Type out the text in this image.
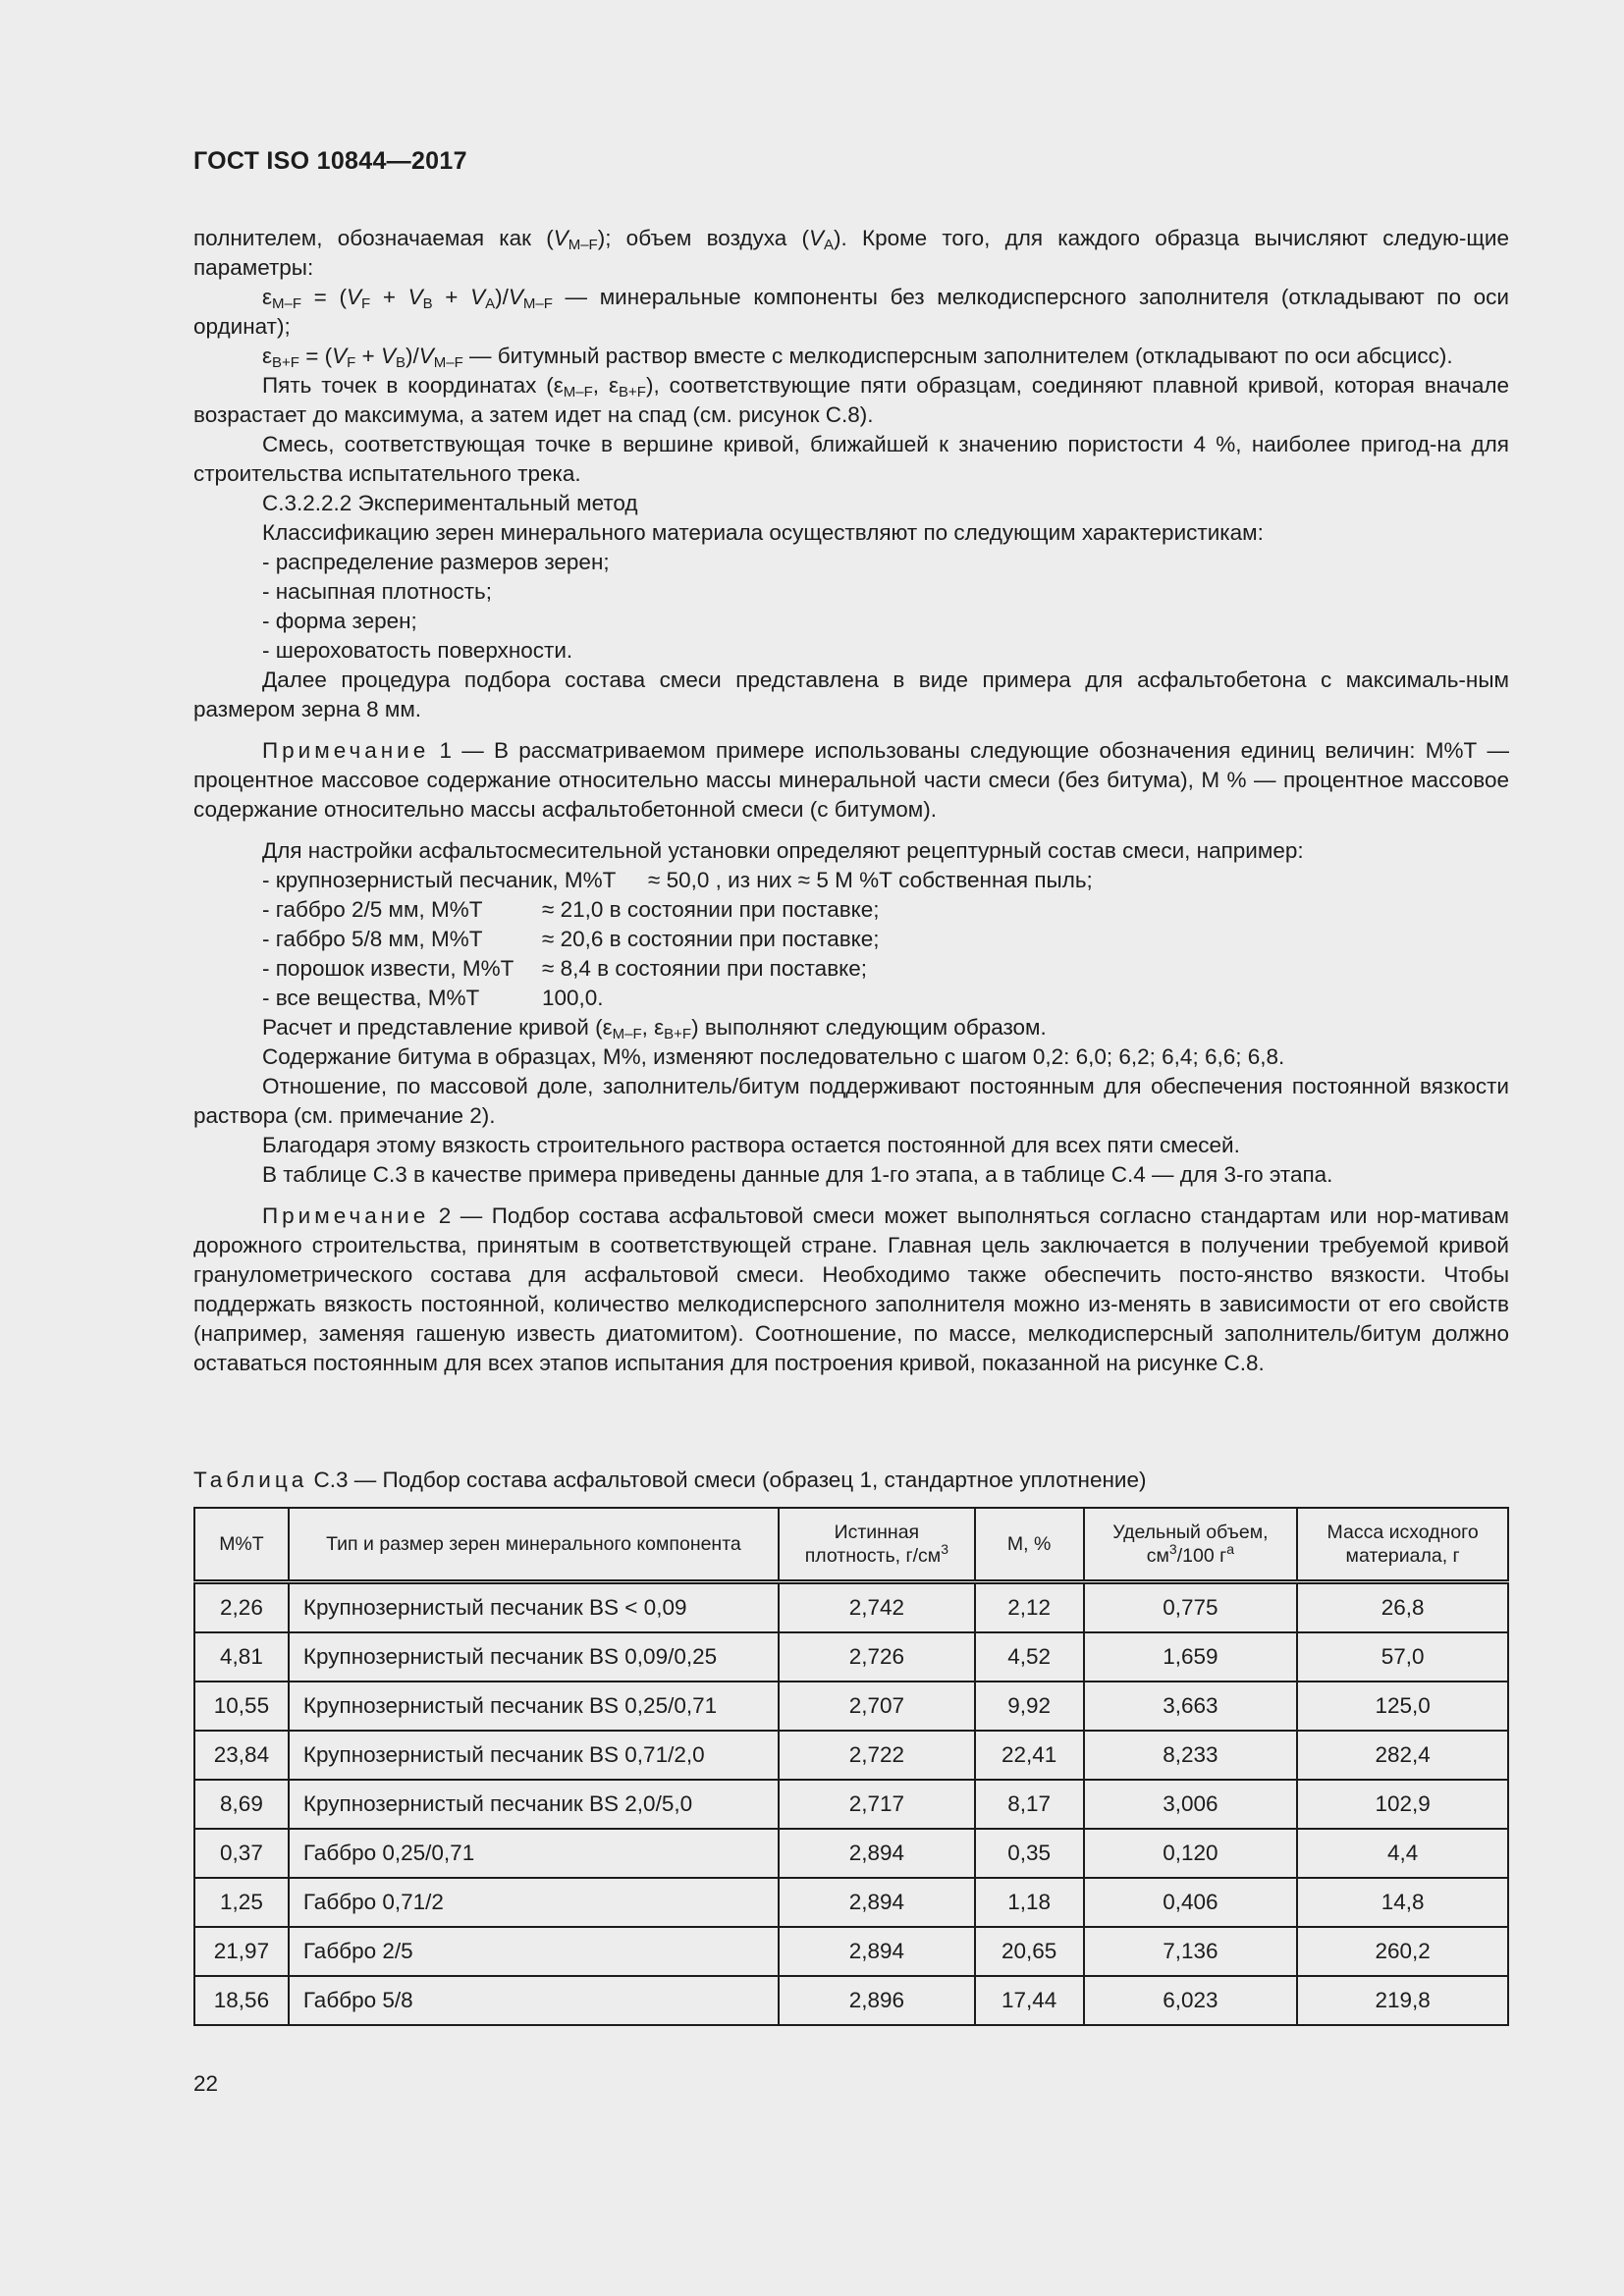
ГОСТ ISO 10844—2017

полнителем, обозначаемая как $(V_{M-F})$; объем воздуха $(V_A)$. Кроме того, для каждого образца вычисляют следую-щие параметры:

$\varepsilon_{M-F} = (V_F + V_B + V_A)/V_{M-F}$ — минеральные компоненты без мелкодисперсного заполнителя (откладывают по оси ординат);

$\varepsilon_{B+F} = (V_F + V_B)/V_{M-F}$ — битумный раствор вместе с мелкодисперсным заполнителем (откладывают по оси абсцисс).

Пять точек в координатах ($\varepsilon_{M-F}$, $\varepsilon_{B+F}$), соответствующие пяти образцам, соединяют плавной кривой, которая вначале возрастает до максимума, а затем идет на спад (см. рисунок С.8).

Смесь, соответствующая точке в вершине кривой, ближайшей к значению пористости 4 %, наиболее пригод-на для строительства испытательного трека.

С.3.2.2.2 Экспериментальный метод

Классификацию зерен минерального материала осуществляют по следующим характеристикам:

- распределение размеров зерен;

- насыпная плотность;

- форма зерен;

- шероховатость поверхности.

Далее процедура подбора состава смеси представлена в виде примера для асфальтобетона с максималь-ным размером зерна 8 мм.

Примечание 1 — В рассматриваемом примере использованы следующие обозначения единиц величин: М%Т — процентное массовое содержание относительно массы минеральной части смеси (без битума), М % — процентное массовое содержание относительно массы асфальтобетонной смеси (с битумом).

Для настройки асфальтосмесительной установки определяют рецептурный состав смеси, например:

- крупнозернистый песчаник, М%Т ≈ 50,0 , из них ≈ 5 М %Т собственная пыль;

- габбро 2/5 мм, М%Т	≈ 21,0 в состоянии при поставке;

- габбро 5/8 мм, М%Т	≈ 20,6 в состоянии при поставке;

- порошок извести, М%Т ≈ 8,4 в состоянии при поставке;

- все вещества, М%Т	100,0.

Расчет и представление кривой ($\varepsilon_{M-F}$, $\varepsilon_{B+F}$) выполняют следующим образом.

Содержание битума в образцах, М%, изменяют последовательно с шагом 0,2: 6,0; 6,2; 6,4; 6,6; 6,8.

Отношение, по массовой доле, заполнитель/битум поддерживают постоянным для обеспечения постоянной вязкости раствора (см. примечание 2).

Благодаря этому вязкость строительного раствора остается постоянной для всех пяти смесей.

В таблице С.3 в качестве примера приведены данные для 1-го этапа, а в таблице С.4 — для 3-го этапа.

Примечание 2 — Подбор состава асфальтовой смеси может выполняться согласно стандартам или нор-мативам дорожного строительства, принятым в соответствующей стране. Главная цель заключается в получении требуемой кривой гранулометрического состава для асфальтовой смеси. Необходимо также обеспечить посто-янство вязкости. Чтобы поддержать вязкость постоянной, количество мелкодисперсного заполнителя можно из-менять в зависимости от его свойств (например, заменяя гашеную известь диатомитом). Соотношение, по массе, мелкодисперсный заполнитель/битум должно оставаться постоянным для всех этапов испытания для построения кривой, показанной на рисунке С.8.

Таблица С.3 — Подбор состава асфальтовой смеси (образец 1, стандартное уплотнение)
М%Т	Тип и размер зерен минерального компонента	Истинная плотность, $г/см^3$	М, %	Удельный объем, $см^3/100$ $г^a$	Масса исходного материала, г
2,26	Крупнозернистый песчаник BS < 0,09	2,742	2,12	0,775	26,8
4,81	Крупнозернистый песчаник BS 0,09/0,25	2,726	4,52	1,659	57,0
10,55	Крупнозернистый песчаник BS 0,25/0,71	2,707	9,92	3,663	125,0
23,84	Крупнозернистый песчаник BS 0,71/2,0	2,722	22,41	8,233	282,4
8,69	Крупнозернистый песчаник BS 2,0/5,0	2,717	8,17	3,006	102,9
0,37	Габбро 0,25/0,71	2,894	0,35	0,120	4,4
1,25	Габбро 0,71/2	2,894	1,18	0,406	14,8
21,97	Габбро 2/5	2,894	20,65	7,136	260,2
18,56	Габбро 5/8	2,896	17,44	6,023	219,8
22
